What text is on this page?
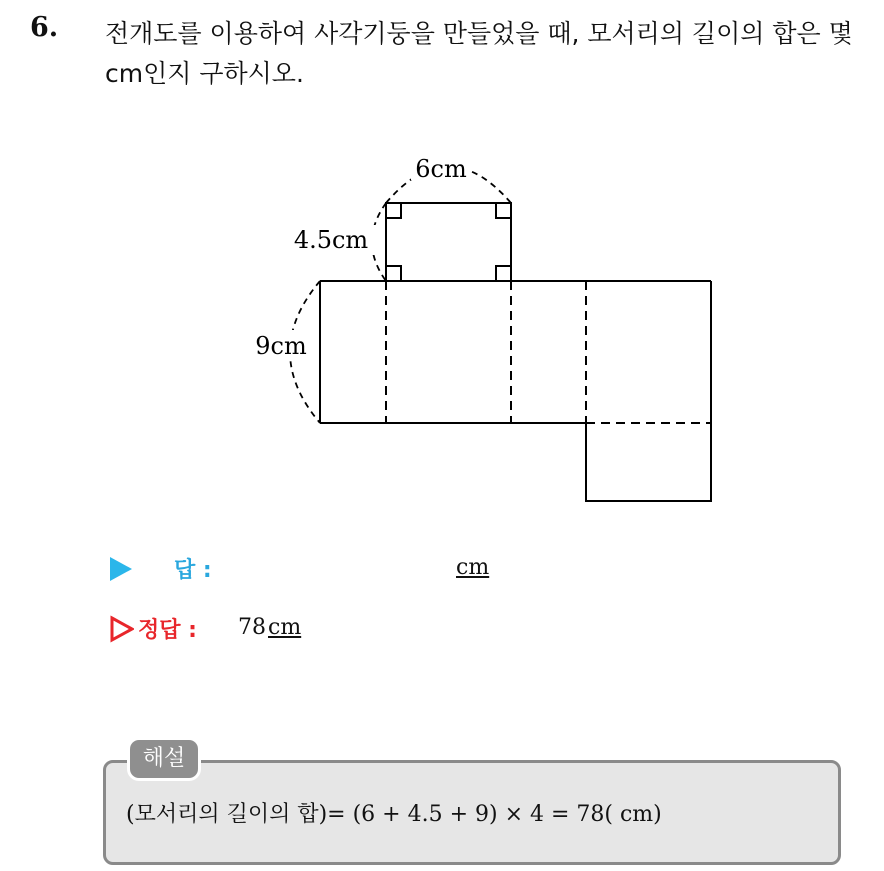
6. 전개도를 이용하여 사각기둥을 만들었을 때, 모서리의 길이의 합은 몇 cm인지 구하시오.
6cm
4.5cm
9cm
답 :	cm
정답 : 78cm
해설
(모서리의 길이의 합)= (6 + 4.5 + 9) × 4 = 78( cm)
